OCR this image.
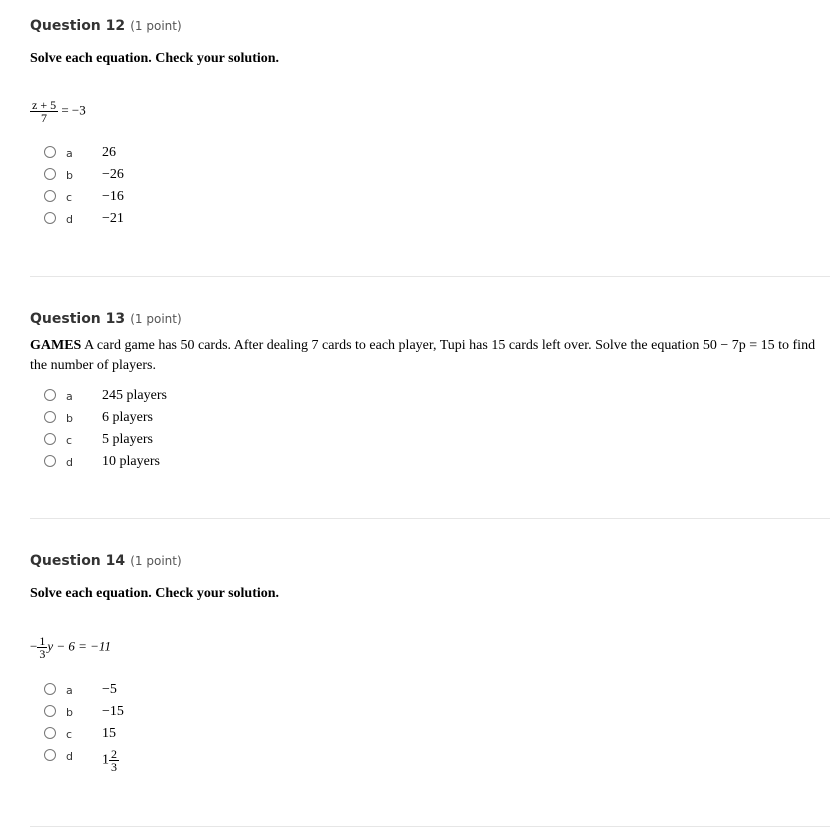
Question 12 (1 point)
Solve each equation. Check your solution.
$\frac{z + 5}{7} = -3$
a 26
b −26
c −16
d −21
Question 13 (1 point)
GAMES A card game has 50 cards. After dealing 7 cards to each player, Tupi has 15 cards left over. Solve the equation 50 − 7p = 15 to find the number of players.
a 245 players
b 6 players
c 5 players
d 10 players
Question 14 (1 point)
Solve each equation. Check your solution.
− $\frac{1}{3}$ y − 6 = −11
a −5
b −15
c 15
d $1 \frac{2}{3}$
